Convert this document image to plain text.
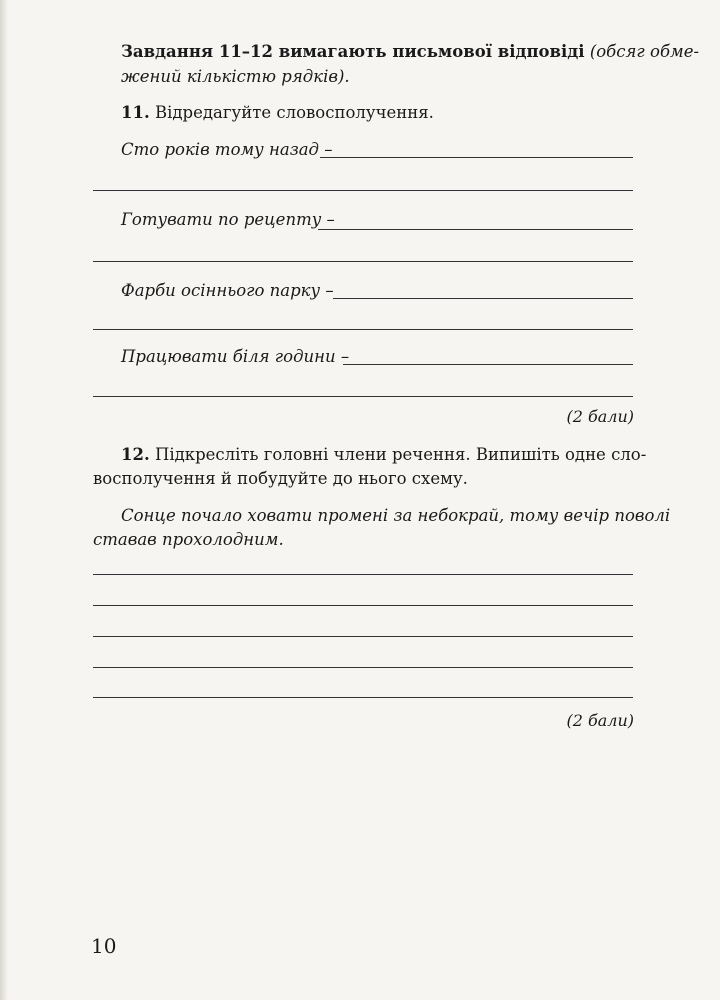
Завдання 11–12 вимагають письмової відповіді (обсяг обме-
жений кількістю рядків).
11. Відредагуйте словосполучення.
Сто років тому назад –
Готувати по рецепту –
Фарби осіннього парку –
Працювати біля години –
(2 бали)
12. Підкресліть головні члени речення. Випишіть одне сло-
восполучення й побудуйте до нього схему.
Сонце почало ховати промені за небокрай, тому вечір поволі
ставав прохолодним.
(2 бали)
10
